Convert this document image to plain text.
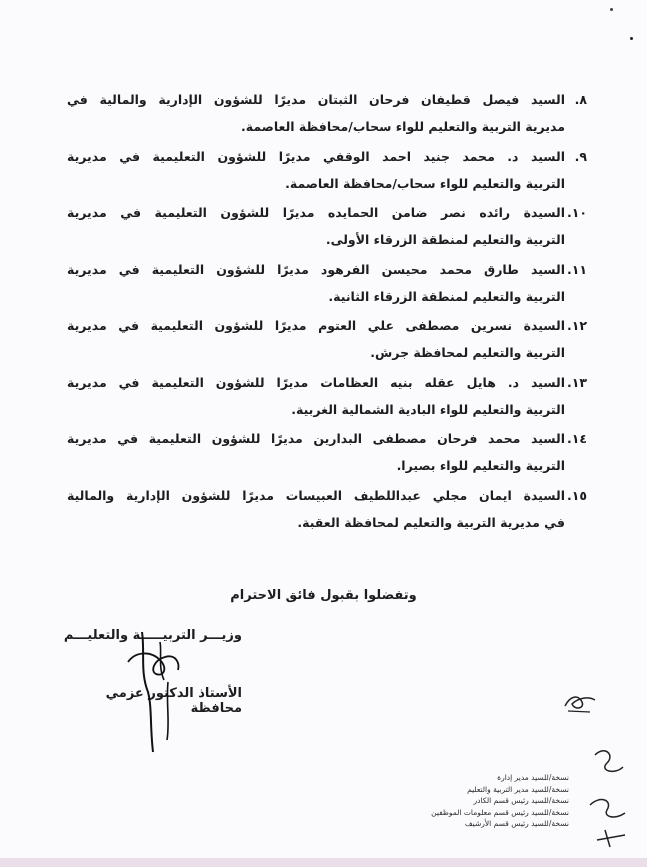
٨.
السيد فيصل قطيفان فرحان الثبتان مديرًا للشؤون الإدارية والمالية في
مديرية التربية والتعليم للواء سحاب/محافظة العاصمة.
٩.
السيد د. محمد جنيد احمد الوقفي مديرًا للشؤون التعليمية في مديرية
التربية والتعليم للواء سحاب/محافظة العاصمة.
١٠.
السيدة رائده نصر ضامن الحمايده مديرًا للشؤون التعليمية في مديرية
التربية والتعليم لمنطقة الزرقاء الأولى.
١١.
السيد طارق محمد محيسن الفرهود مديرًا للشؤون التعليمية في مديرية
التربية والتعليم لمنطقة الزرقاء الثانية.
١٢.
السيدة نسرين مصطفى علي العتوم مديرًا للشؤون التعليمية في مديرية
التربية والتعليم لمحافظة جرش.
١٣.
السيد د. هايل عقله بنيه العظامات مديرًا للشؤون التعليمية في مديرية
التربية والتعليم للواء البادية الشمالية الغربية.
١٤.
السيد محمد فرحان مصطفى البدارين مديرًا للشؤون التعليمية في مديرية
التربية والتعليم للواء بصيرا.
١٥.
السيدة ايمان مجلي عبداللطيف العبيسات مديرًا للشؤون الإدارية والمالية
في مديرية التربية والتعليم لمحافظة العقبة.
وتفضلوا بقبول فائق الاحترام
وزيـــر التربيـــــة والتعليـــم
الأستاذ الدكتور عزمي محافظة
نسخة/للسيد مدير إدارة
نسخة/للسيد مدير التربية والتعليم
نسخة/للسيد رئيس قسم الكادر
نسخة/للسيد رئيس قسم معلومات الموظفين
نسخة/للسيد رئيس قسم الأرشيف
